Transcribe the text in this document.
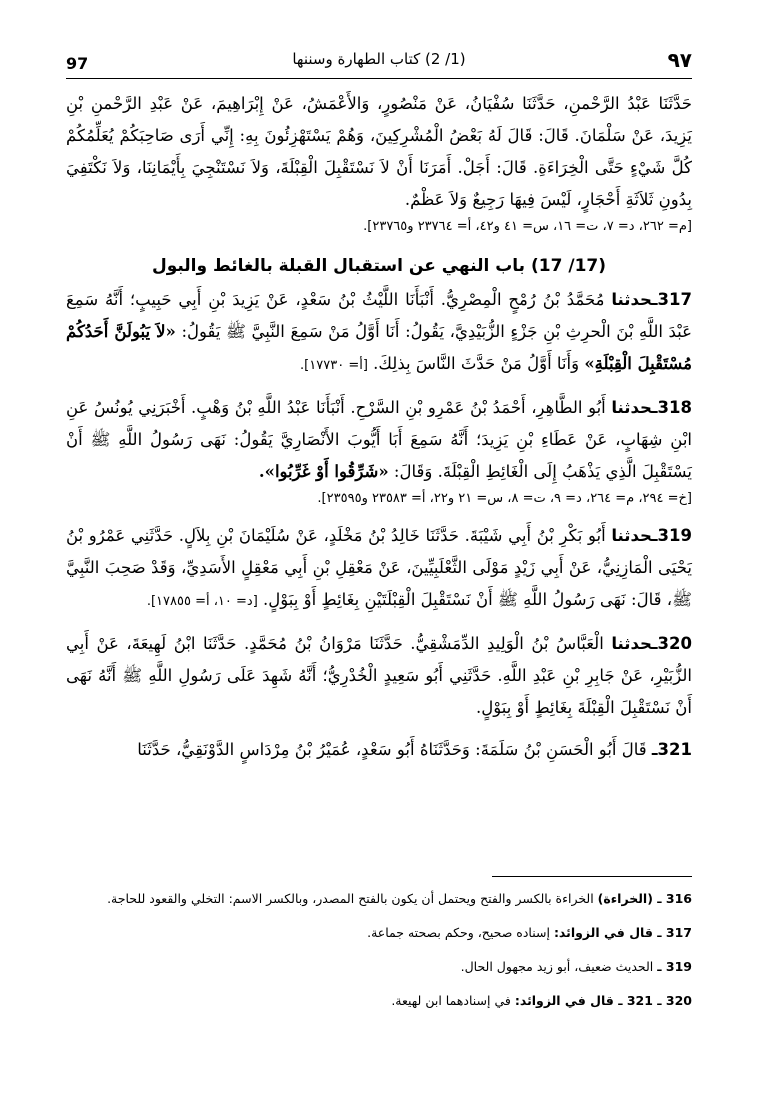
97	(1/ 2) كتاب الطهارة وسننها	٩٧

حَدَّثَنَا عَبْدُ الرَّحْمنِ، حَدَّثَنَا سُفْيَانُ، عَنْ مَنْصُورٍ، وَالأَعْمَشُ، عَنْ إِبْرَاهِيمَ، عَنْ عَبْدِ الرَّحْمنِ بْنِ يَزِيدَ، عَنْ سَلْمَانَ. قَالَ: قَالَ لَهُ بَعْضُ الْمُشْرِكِينَ، وَهُمْ يَسْتَهْزِئُونَ بِهِ: إِنِّي أَرَى صَاحِبَكُمْ يُعَلِّمُكُمْ كُلَّ شَيْءٍ حَتَّى الْخِرَاءَةِ. قَالَ: أَجَلْ. أَمَرَنَا أَنْ لاَ نَسْتَقْبِلَ الْقِبْلَةَ، وَلاَ نَسْتَنْجِيَ بِأَيْمَانِنَا، وَلاَ نَكْتَفِيَ بِدُونِ ثَلاَثَةِ أَحْجَارٍ، لَيْسَ فِيهَا رَجِيعٌ وَلاَ عَظْمٌ.

[م= ٢٦٢، د= ٧، ت= ١٦، س= ٤١ و٤٢، أ= ٢٣٧٦٤ و٢٣٧٦٥].

(17/ 17) باب النهي عن استقبال القبلة بالغائط والبول

317ـحدثنا مُحَمَّدُ بْنُ رُمْحٍ الْمِصْرِيُّ. أَنْبَأَنَا اللَّيْثُ بْنُ سَعْدٍ، عَنْ يَزِيدَ بْنِ أَبِي حَبِيبٍ؛ أَنَّهُ سَمِعَ عَبْدَ اللَّهِ بْنَ الْحرِثِ بْنِ جَزْءٍ الزُّبَيْدِيَّ، يَقُولُ: أَنَا أَوَّلُ مَنْ سَمِعَ النَّبِيَّ ﷺ يَقُولُ: «لاَ يَبُولَنَّ أَحَدُكُمْ مُسْتَقْبِلَ الْقِبْلَةِ» وَأَنَا أَوَّلُ مَنْ حَدَّثَ النَّاسَ بِذلِكَ. [أ= ١٧٧٣٠].

318ـحدثنا أَبُو الطَّاهِرِ، أَحْمَدُ بْنُ عَمْرِو بْنِ السَّرْحِ. أَنْبَأَنَا عَبْدُ اللَّهِ بْنُ وَهْبٍ. أَخْبَرَنِي يُونُسُ عَنِ ابْنِ شِهَابٍ، عَنْ عَطَاءِ بْنِ يَزِيدَ؛ أَنَّهُ سَمِعَ أَبَا أَيُّوبَ الأَنْصَارِيَّ يَقُولُ: نَهَى رَسُولُ اللَّهِ ﷺ أَنْ يَسْتَقْبِلَ الَّذِي يَذْهَبُ إِلَى الْغَائِطِ الْقِبْلَةَ. وَقَالَ: «شَرِّقُوا أَوْ غَرِّبُوا».

[خ= ٢٩٤، م= ٢٦٤، د= ٩، ت= ٨، س= ٢١ و٢٢، أ= ٢٣٥٨٣ و٢٣٥٩٥].

319ـحدثنا أَبُو بَكْرِ بْنُ أَبِي شَيْبَةَ. حَدَّثَنَا خَالِدُ بْنُ مَخْلَدٍ، عَنْ سُلَيْمَانَ بْنِ بِلاَلٍ. حَدَّثَنِي عَمْرُو بْنُ يَحْيَى الْمَازِنِيُّ، عَنْ أَبِي زَيْدٍ مَوْلَى الثَّعْلَبِيِّينَ، عَنْ مَعْقِلِ بْنِ أَبِي مَعْقِلٍ الأَسَدِيِّ، وَقَدْ صَحِبَ النَّبِيَّ ﷺ، قَالَ: نَهَى رَسُولُ اللَّهِ ﷺ أَنْ نَسْتَقْبِلَ الْقِبْلَتَيْنِ بِغَائِطٍ أَوْ بِبَوْلٍ. [د= ١٠، أ= ١٧٨٥٥].

320ـحدثنا الْعَبَّاسُ بْنُ الْوَلِيدِ الدِّمَشْقِيُّ. حَدَّثَنَا مَرْوَانُ بْنُ مُحَمَّدٍ. حَدَّثَنَا ابْنُ لَهِيعَةَ، عَنْ أَبِي الزُّبَيْرِ، عَنْ جَابِرِ بْنِ عَبْدِ اللَّهِ. حَدَّثَنِي أَبُو سَعِيدٍ الْخُدْرِيُّ؛ أَنَّهُ شَهِدَ عَلَى رَسُولِ اللَّهِ ﷺ أَنَّهُ نَهَى أَنْ نَسْتَقْبِلَ الْقِبْلَةَ بِغَائِطٍ أَوْ بِبَوْلٍ.

321ـ قَالَ أَبُو الْحَسَنِ بْنُ سَلَمَةَ: وَحَدَّثَنَاهُ أَبُو سَعْدٍ، عُمَيْرُ بْنُ مِرْدَاسٍ الدَّوْنَقِيُّ، حَدَّثَنَا

316 ـ (الخراءة) الخراءة بالكسر والفتح ويحتمل أن يكون بالفتح المصدر، وبالكسر الاسم: التخلي والقعود للحاجة.

317 ـ قال في الزوائد: إسناده صحيح، وحكم بصحته جماعة.

319 ـ الحديث ضعيف، أبو زيد مجهول الحال.

320 ـ 321 ـ قال في الزوائد: في إسنادهما ابن لهيعة.
